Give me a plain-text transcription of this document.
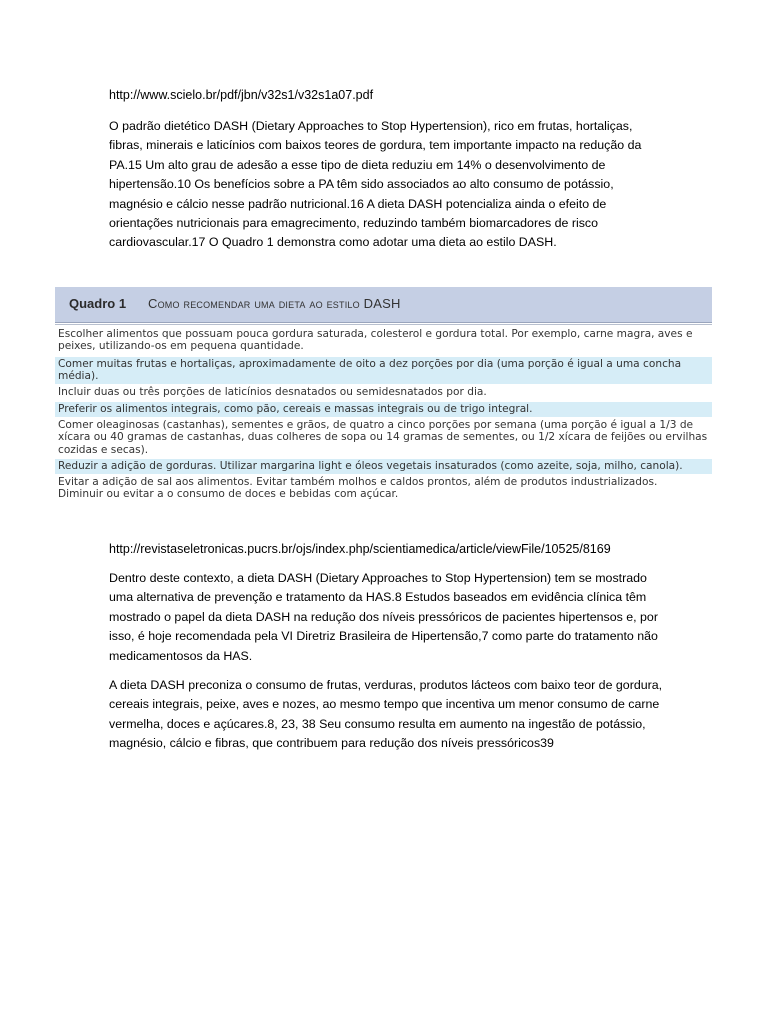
http://www.scielo.br/pdf/jbn/v32s1/v32s1a07.pdf
O padrão dietético DASH (Dietary Approaches to Stop Hypertension), rico em frutas, hortaliças, fibras, minerais e laticínios com baixos teores de gordura, tem importante impacto na redução da PA.15 Um alto grau de adesão a esse tipo de dieta reduziu em 14% o desenvolvimento de hipertensão.10 Os benefícios sobre a PA têm sido associados ao alto consumo de potássio, magnésio e cálcio nesse padrão nutricional.16 A dieta DASH potencializa ainda o efeito de orientações nutricionais para emagrecimento, reduzindo também biomarcadores de risco cardiovascular.17 O Quadro 1 demonstra como adotar uma dieta ao estilo DASH.
Quadro 1 Como recomendar uma dieta ao estilo DASH
Escolher alimentos que possuam pouca gordura saturada, colesterol e gordura total. Por exemplo, carne magra, aves e peixes, utilizando-os em pequena quantidade.
Comer muitas frutas e hortaliças, aproximadamente de oito a dez porções por dia (uma porção é igual a uma concha média).
Incluir duas ou três porções de laticínios desnatados ou semidesnatados por dia.
Preferir os alimentos integrais, como pão, cereais e massas integrais ou de trigo integral.
Comer oleaginosas (castanhas), sementes e grãos, de quatro a cinco porções por semana (uma porção é igual a 1/3 de xícara ou 40 gramas de castanhas, duas colheres de sopa ou 14 gramas de sementes, ou 1/2 xícara de feijões ou ervilhas cozidas e secas).
Reduzir a adição de gorduras. Utilizar margarina light e óleos vegetais insaturados (como azeite, soja, milho, canola).
Evitar a adição de sal aos alimentos. Evitar também molhos e caldos prontos, além de produtos industrializados.
Diminuir ou evitar a o consumo de doces e bebidas com açúcar.
http://revistaseletronicas.pucrs.br/ojs/index.php/scientiamedica/article/viewFile/10525/8169
Dentro deste contexto, a dieta DASH (Dietary Approaches to Stop Hypertension) tem se mostrado uma alternativa de prevenção e tratamento da HAS.8 Estudos baseados em evidência clínica têm mostrado o papel da dieta DASH na redução dos níveis pressóricos de pacientes hipertensos e, por isso, é hoje recomendada pela VI Diretriz Brasileira de Hipertensão,7 como parte do tratamento não medicamentosos da HAS.
A dieta DASH preconiza o consumo de frutas, verduras, produtos lácteos com baixo teor de gordura, cereais integrais, peixe, aves e nozes, ao mesmo tempo que incentiva um menor consumo de carne vermelha, doces e açúcares.8, 23, 38 Seu consumo resulta em aumento na ingestão de potássio, magnésio, cálcio e fibras, que contribuem para redução dos níveis pressóricos39
